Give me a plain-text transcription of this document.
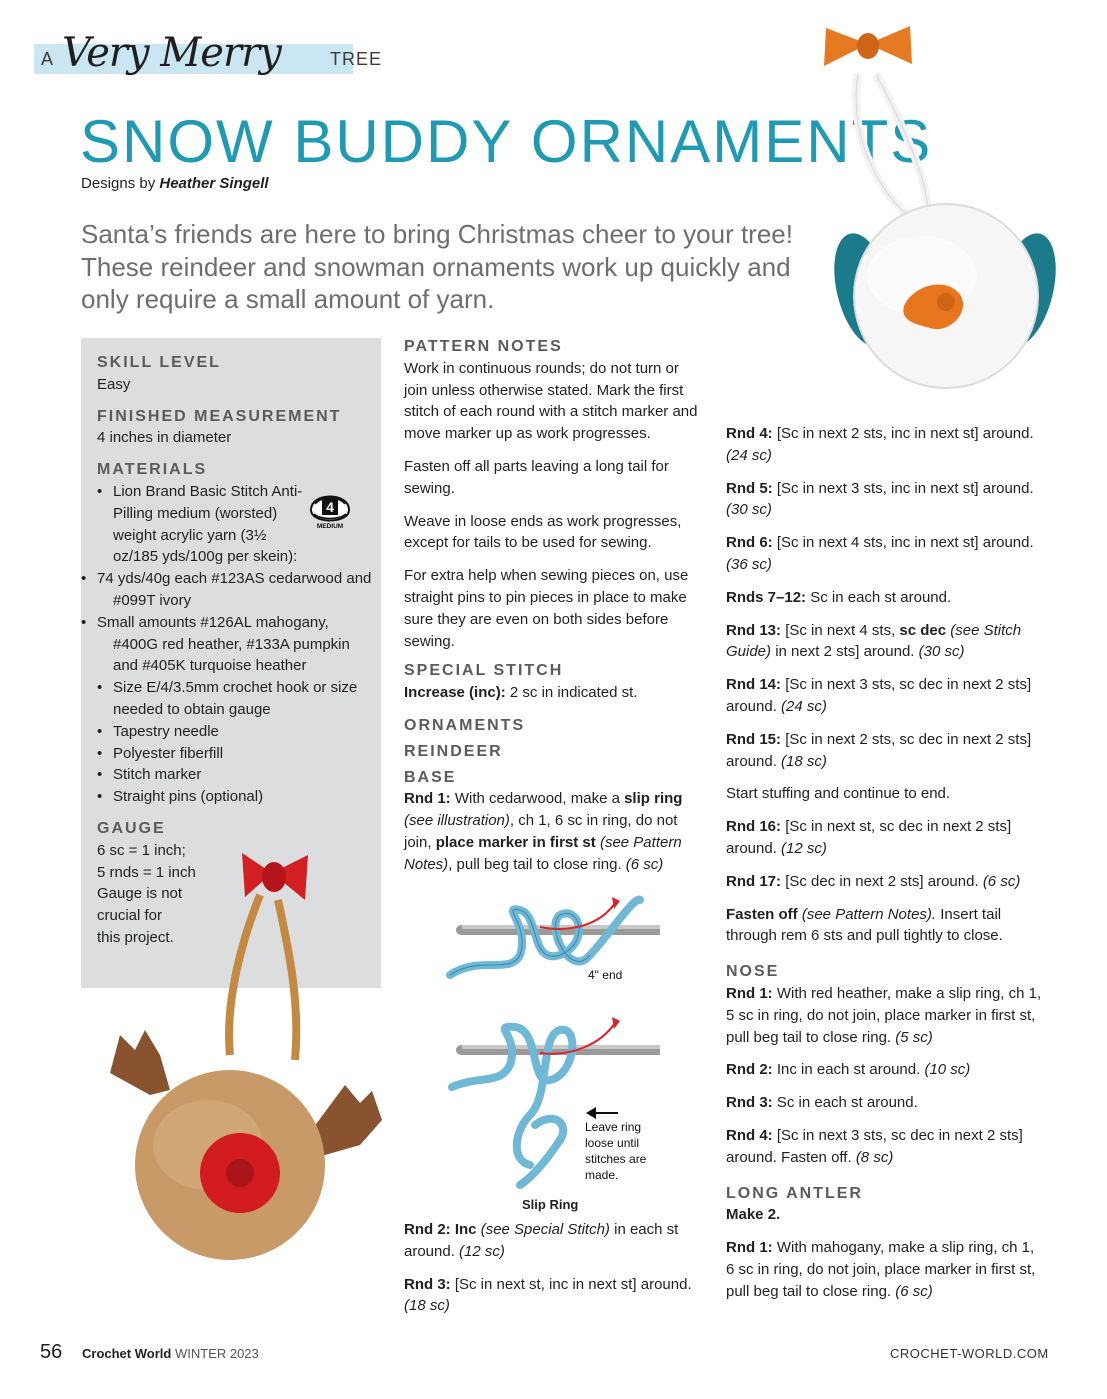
A Very Merry	TREE
SNOW BUDDY ORNAMENTS
Designs by Heather Singell
Santa’s friends are here to bring Christmas cheer to your tree! These reindeer and snowman ornaments work up quickly and only require a small amount of yarn.
SKILL LEVEL
Easy
FINISHED MEASUREMENT
4 inches in diameter
MATERIALS
• Lion Brand Basic Stitch Anti-Pilling medium (worsted) weight acrylic yarn (3½ oz/185 yds/100g per skein):
• 74 yds/40g each #123AS cedarwood and #099T ivory
• Small amounts #126AL mahogany, #400G red heather, #133A pumpkin and #405K turquoise heather
• Size E/4/3.5mm crochet hook or size needed to obtain gauge
• Tapestry needle
• Polyester fiberfill
• Stitch marker
• Straight pins (optional)
GAUGE
6 sc = 1 inch;
5 rnds = 1 inch
Gauge is not
crucial for
this project.
4
MEDIUM
PATTERN NOTES

Work in continuous rounds; do not turn or join unless otherwise stated. Mark the first stitch of each round with a stitch marker and move marker up as work progresses.

Fasten off all parts leaving a long tail for sewing.

Weave in loose ends as work progresses, except for tails to be used for sewing.

For extra help when sewing pieces on, use straight pins to pin pieces in place to make sure they are even on both sides before sewing.

SPECIAL STITCH

Increase (inc): 2 sc in indicated st.

ORNAMENTS
REINDEER
BASE

Rnd 1: With cedarwood, make a slip ring (see illustration), ch 1, 6 sc in ring, do not join, place marker in first st (see Pattern Notes), pull beg tail to close ring. (6 sc)

4" end
Leave ring
loose until
stitches are
made.
Slip Ring

Rnd 2: Inc (see Special Stitch) in each st around. (12 sc)

Rnd 3: [Sc in next st, inc in next st] around. (18 sc)

Rnd 4: [Sc in next 2 sts, inc in next st] around. (24 sc)

Rnd 5: [Sc in next 3 sts, inc in next st] around. (30 sc)

Rnd 6: [Sc in next 4 sts, inc in next st] around. (36 sc)

Rnds 7–12: Sc in each st around.

Rnd 13: [Sc in next 4 sts, sc dec (see Stitch Guide) in next 2 sts] around. (30 sc)

Rnd 14: [Sc in next 3 sts, sc dec in next 2 sts] around. (24 sc)

Rnd 15: [Sc in next 2 sts, sc dec in next 2 sts] around. (18 sc)

Start stuffing and continue to end.

Rnd 16: [Sc in next st, sc dec in next 2 sts] around. (12 sc)

Rnd 17: [Sc dec in next 2 sts] around. (6 sc)

Fasten off (see Pattern Notes). Insert tail through rem 6 sts and pull tightly to close.

NOSE

Rnd 1: With red heather, make a slip ring, ch 1, 5 sc in ring, do not join, place marker in first st, pull beg tail to close ring. (5 sc)

Rnd 2: Inc in each st around. (10 sc)

Rnd 3: Sc in each st around.

Rnd 4: [Sc in next 3 sts, sc dec in next 2 sts] around. Fasten off. (8 sc)

LONG ANTLER

Make 2.

Rnd 1: With mahogany, make a slip ring, ch 1, 6 sc in ring, do not join, place marker in first st, pull beg tail to close ring. (6 sc)

56 Crochet World WINTER 2023	CROCHET-WORLD.COM
